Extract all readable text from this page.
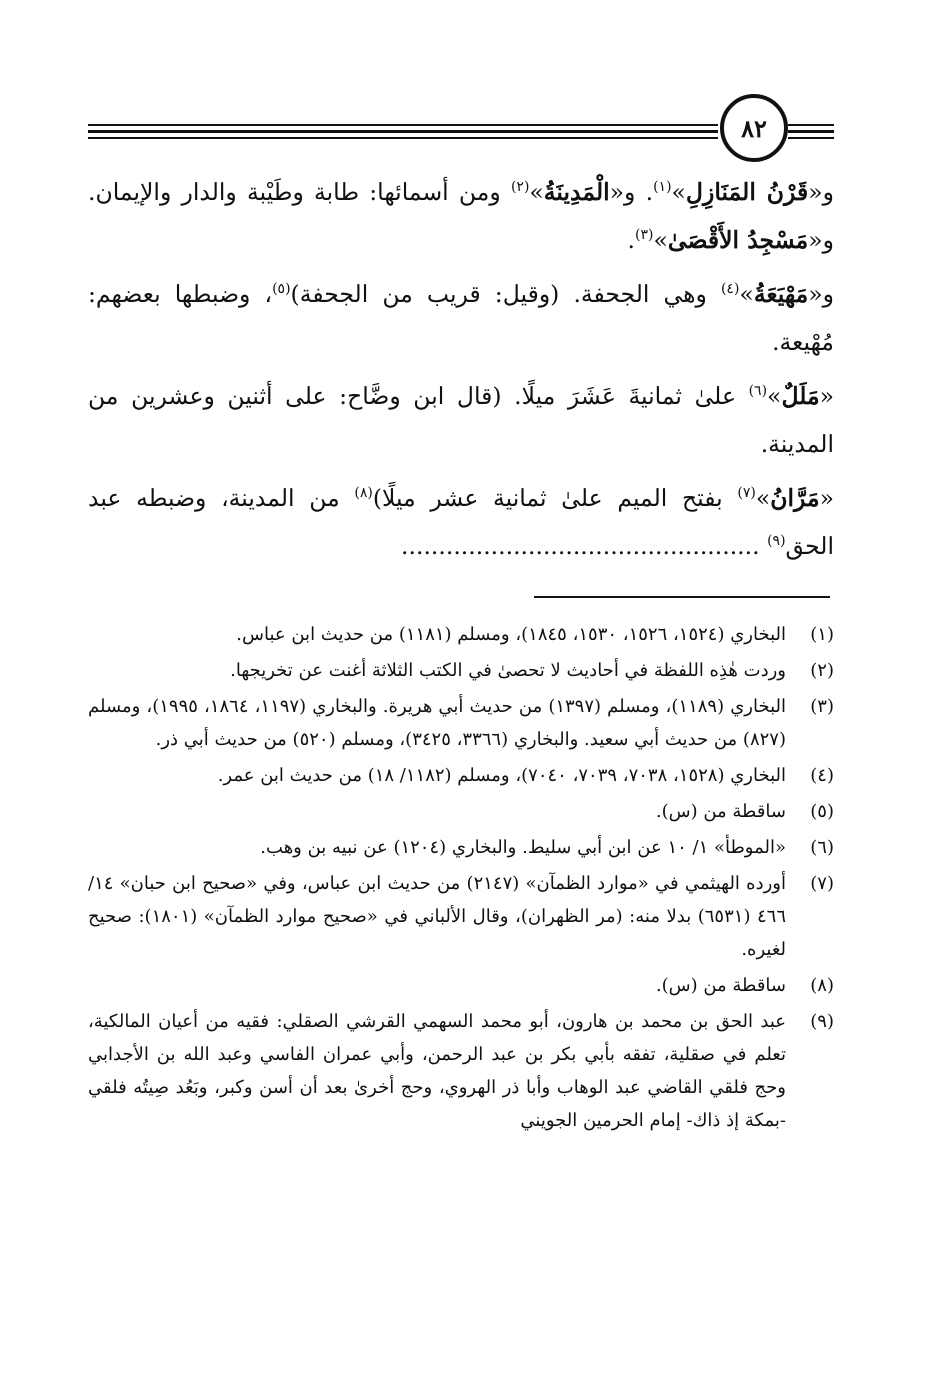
٨٢

و«قَرْنُ المَنَازِلِ»$^{(١)}$. و«الْمَدِينَةُ»$^{(٢)}$ ومن أسمائها: طابة وطَيْبة والدار والإيمان. و«مَسْجِدُ الأَقْصَىٰ»$^{(٣)}$.

و«مَهْيَعَةُ»$^{(٤)}$ وهي الجحفة. (وقيل: قريب من الجحفة)$^{(٥)}$، وضبطها بعضهم: مُهْيعة.

«مَلَلٌ»$^{(٦)}$ علىٰ ثمانيةَ عَشَرَ ميلًا. (قال ابن وضَّاح: على أثنين وعشرين من المدينة.

«مَرَّانُ»$^{(٧)}$ بفتح الميم علىٰ ثمانية عشر ميلًا)$^{(٨)}$ من المدينة، وضبطه عبد الحق$^{(٩)}$ ................................................

(١)
البخاري (١٥٢٤، ١٥٢٦، ١٥٣٠، ١٨٤٥)، ومسلم (١١٨١) من حديث ابن عباس.
(٢)
وردت هٰذِه اللفظة في أحاديث لا تحصىٰ في الكتب الثلاثة أغنت عن تخريجها.
(٣)
البخاري (١١٨٩)، ومسلم (١٣٩٧) من حديث أبي هريرة. والبخاري (١١٩٧، ١٨٦٤، ١٩٩٥)، ومسلم (٨٢٧) من حديث أبي سعيد. والبخاري (٣٣٦٦، ٣٤٢٥)، ومسلم (٥٢٠) من حديث أبي ذر.
(٤)
البخاري (١٥٢٨، ٧٠٣٨، ٧٠٣٩، ٧٠٤٠)، ومسلم (١١٨٢/ ١٨) من حديث ابن عمر.
(٥)
ساقطة من (س).
(٦)
«الموطأ» ١/ ١٠ عن ابن أبي سليط. والبخاري (١٢٠٤) عن نبيه بن وهب.
(٧)
أورده الهيثمي في «موارد الظمآن» (٢١٤٧) من حديث ابن عباس، وفي «صحيح ابن حبان» ١٤/ ٤٦٦ (٦٥٣١) بدلا منه: (مر الظهران)، وقال الألباني في «صحيح موارد الظمآن» (١٨٠١): صحيح لغيره.
(٨)
ساقطة من (س).
(٩)
عبد الحق بن محمد بن هارون، أبو محمد السهمي القرشي الصقلي: فقيه من أعيان المالكية، تعلم في صقلية، تفقه بأبي بكر بن عبد الرحمن، وأبي عمران الفاسي وعبد الله بن الأجدابي وحج فلقي القاضي عبد الوهاب وأبا ذر الهروي، وحج أخرىٰ بعد أن أسن وكبر، وبَعُد صِيتُه فلقي -بمكة إذ ذاك- إمام الحرمين الجويني
